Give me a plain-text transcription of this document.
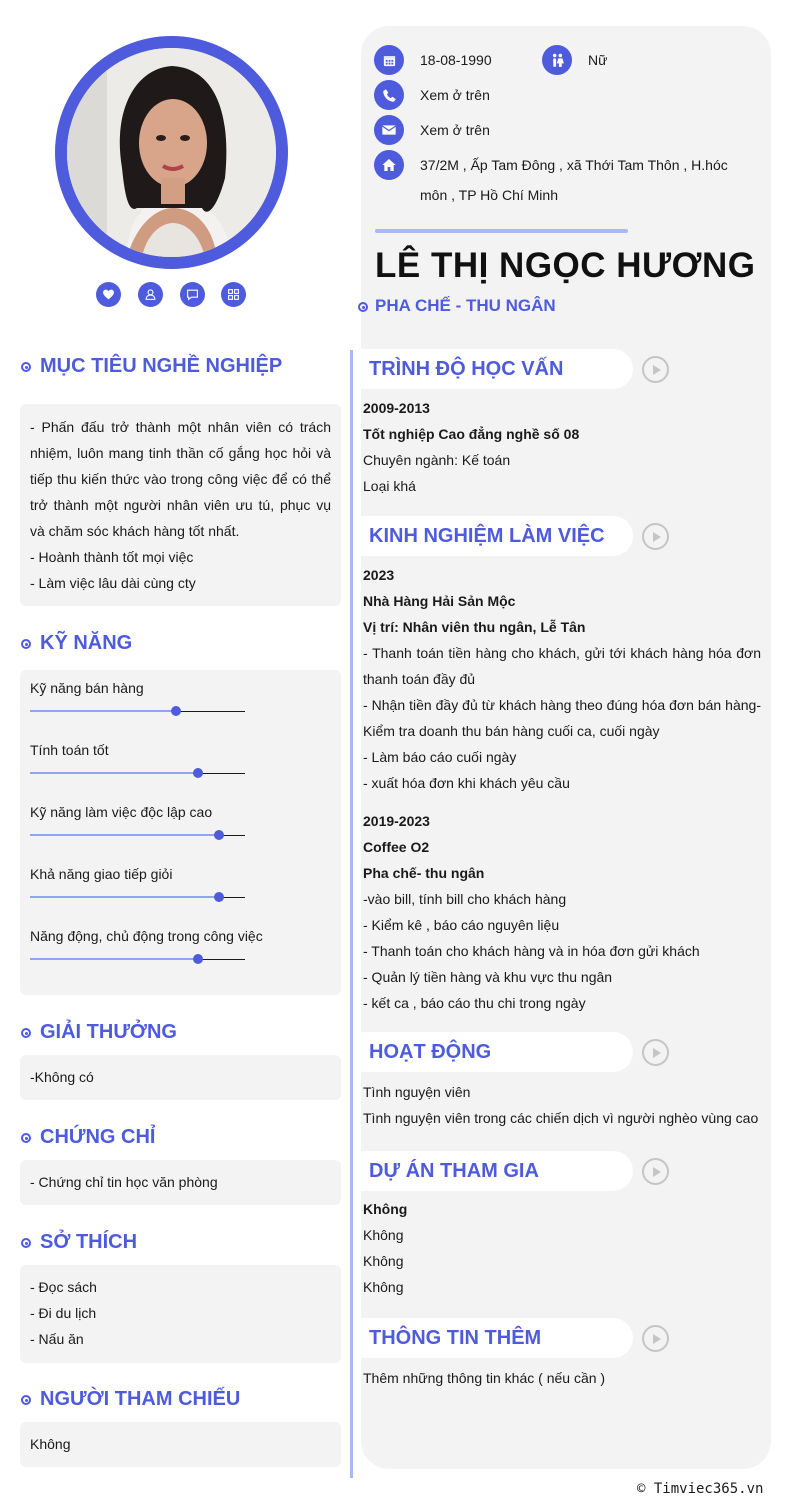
18-08-1990	Nữ
Xem ở trên
Xem ở trên
37/2M , Ấp Tam Đông , xã Thới Tam Thôn , H.hóc môn , TP Hồ Chí Minh
LÊ THỊ NGỌC HƯƠNG
PHA CHẾ - THU NGÂN
MỤC TIÊU NGHỀ NGHIỆP

- Phấn đấu trở thành một nhân viên có trách nhiệm, luôn mang tinh thần cố gắng học hỏi và tiếp thu kiến thức vào trong công việc để có thể trở thành một người nhân viên ưu tú, phục vụ và chăm sóc khách hàng tốt nhất.

- Hoành thành tốt mọi việc

- Làm việc lâu dài cùng cty

KỸ NĂNG
Kỹ năng bán hàng
Tính toán tốt
Kỹ năng làm việc độc lập cao
Khả năng giao tiếp giỏi
Năng động, chủ động trong công việc
GIẢI THƯỞNG

-Không có

CHỨNG CHỈ

- Chứng chỉ tin học văn phòng

SỞ THÍCH

- Đọc sách

- Đi du lịch

- Nấu ăn

NGƯỜI THAM CHIẾU

Không

TRÌNH ĐỘ HỌC VẤN
2009-2013
Tốt nghiệp Cao đẳng nghề số 08
Chuyên ngành: Kế toán
Loại khá
KINH NGHIỆM LÀM VIỆC
2023
Nhà Hàng Hải Sản Mộc
Vị trí: Nhân viên thu ngân, Lễ Tân
- Thanh toán tiền hàng cho khách, gửi tới khách hàng hóa đơn thanh toán đầy đủ
- Nhận tiền đầy đủ từ khách hàng theo đúng hóa đơn bán hàng- Kiểm tra doanh thu bán hàng cuối ca, cuối ngày
- Làm báo cáo cuối ngày
- xuất hóa đơn khi khách yêu cầu
2019-2023
Coffee O2
Pha chế- thu ngân
-vào bill, tính bill cho khách hàng
- Kiểm kê , báo cáo nguyên liệu
- Thanh toán cho khách hàng và in hóa đơn gửi khách
- Quản lý tiền hàng và khu vực thu ngân
- kết ca , báo cáo thu chi trong ngày
HOẠT ĐỘNG
Tình nguyện viên
Tình nguyện viên trong các chiến dịch vì người nghèo vùng cao
DỰ ÁN THAM GIA
Không
Không
Không
Không
THÔNG TIN THÊM
Thêm những thông tin khác ( nếu cần )
© Timviec365.vn
